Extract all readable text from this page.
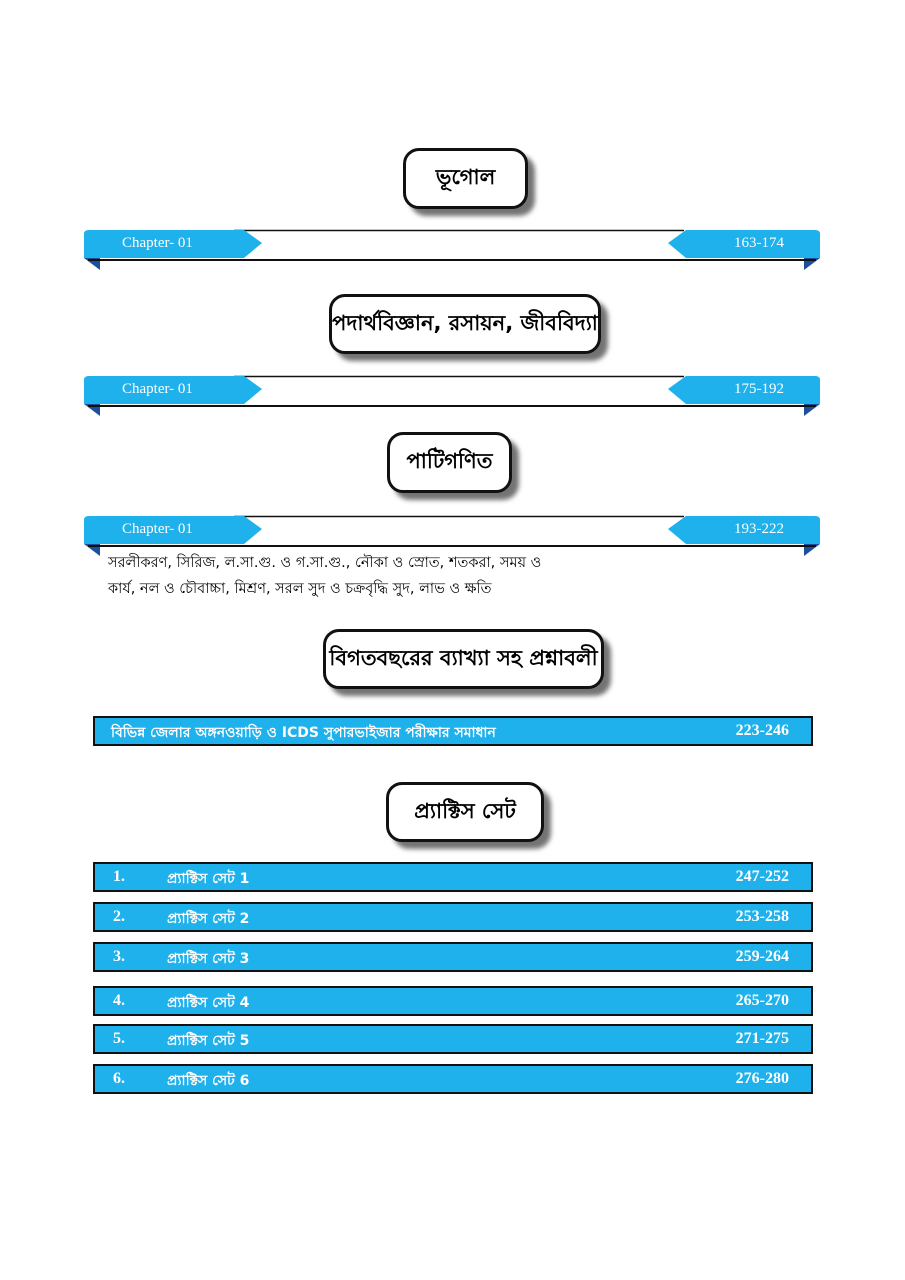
ভূগোল
Chapter- 01	163-174
পদার্থবিজ্ঞান, রসায়ন, জীববিদ্যা
Chapter- 01	175-192
পাটিগণিত
Chapter- 01	193-222
সরলীকরণ, সিরিজ, ল.সা.গু. ও গ.সা.গু., নৌকা ও স্রোত, শতকরা, সময় ও
কার্য, নল ও চৌবাচ্চা, মিশ্রণ, সরল সুদ ও চক্রবৃদ্ধি সুদ, লাভ ও ক্ষতি
বিগতবছরের ব্যাখ্যা সহ প্রশ্নাবলী
বিভিন্ন জেলার অঙ্গনওয়াড়ি ও ICDS সুপারভাইজার পরীক্ষার সমাধান	223-246
প্র্যাক্টিস সেট
1.	প্র্যাক্টিস সেট 1	247-252
2.	প্র্যাক্টিস সেট 2	253-258
3.	প্র্যাক্টিস সেট 3	259-264
4.	প্র্যাক্টিস সেট 4	265-270
5.	প্র্যাক্টিস সেট 5	271-275
6.	প্র্যাক্টিস সেট 6	276-280
